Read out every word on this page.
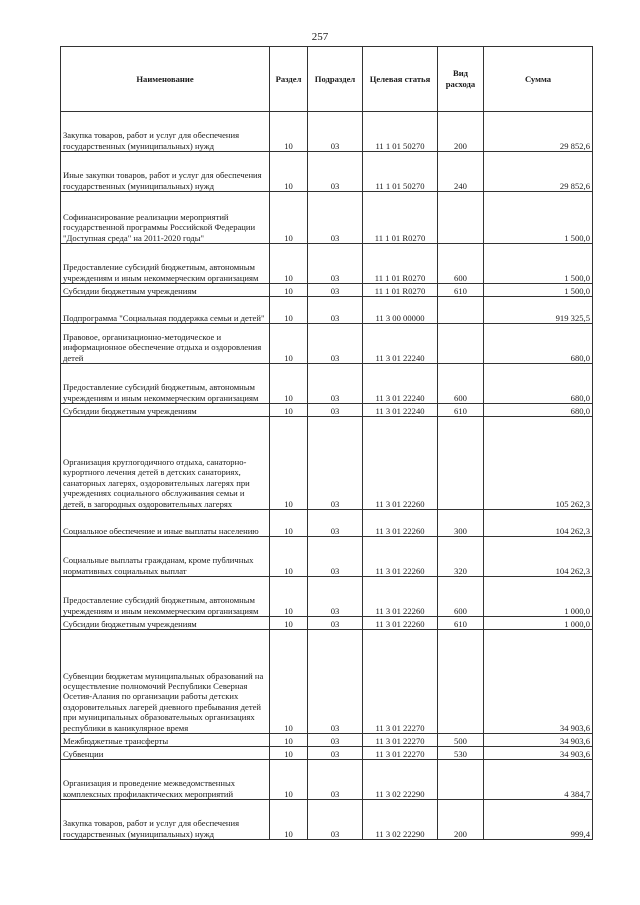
257
Наименование	Раздел	Подраздел	Целевая статья	Вид расхода	Сумма
Закупка товаров, работ и услуг для обеспечения государственных (муниципальных) нужд	10	03	11 1 01 50270	200	29 852,6
Иные закупки товаров, работ и услуг для обеспечения государственных (муниципальных) нужд	10	03	11 1 01 50270	240	29 852,6
Софинансирование реализации мероприятий государственной программы Российской Федерации "Доступная среда" на 2011-2020 годы"	10	03	11 1 01 R0270		1 500,0
Предоставление субсидий бюджетным, автономным учреждениям и иным некоммерческим организациям	10	03	11 1 01 R0270	600	1 500,0
Субсидии бюджетным учреждениям	10	03	11 1 01 R0270	610	1 500,0
Подпрограмма "Социальная поддержка семьи и детей"	10	03	11 3 00 00000		919 325,5
Правовое, организационно-методическое и информационное обеспечение отдыха и оздоровления детей	10	03	11 3 01 22240		680,0
Предоставление субсидий бюджетным, автономным учреждениям и иным некоммерческим организациям	10	03	11 3 01 22240	600	680,0
Субсидии бюджетным учреждениям	10	03	11 3 01 22240	610	680,0
Организация круглогодичного отдыха, санаторно-курортного лечения детей в детских санаториях, санаторных лагерях, оздоровительных лагерях при учреждениях социального обслуживания семьи и детей, в загородных оздоровительных лагерях	10	03	11 3 01 22260		105 262,3
Социальное обеспечение и иные выплаты населению	10	03	11 3 01 22260	300	104 262,3
Социальные выплаты гражданам, кроме публичных нормативных социальных выплат	10	03	11 3 01 22260	320	104 262,3
Предоставление субсидий бюджетным, автономным учреждениям и иным некоммерческим организациям	10	03	11 3 01 22260	600	1 000,0
Субсидии бюджетным учреждениям	10	03	11 3 01 22260	610	1 000,0
Субвенции бюджетам муниципальных образований на осуществление полномочий Республики Северная Осетия-Алания по организации работы детских оздоровительных лагерей дневного пребывания детей при муниципальных образовательных организациях республики в каникулярное время	10	03	11 3 01 22270		34 903,6
Межбюджетные трансферты	10	03	11 3 01 22270	500	34 903,6
Субвенции	10	03	11 3 01 22270	530	34 903,6
Организация и проведение межведомственных комплексных профилактических мероприятий	10	03	11 3 02 22290		4 384,7
Закупка товаров, работ и услуг для обеспечения государственных (муниципальных) нужд	10	03	11 3 02 22290	200	999,4
